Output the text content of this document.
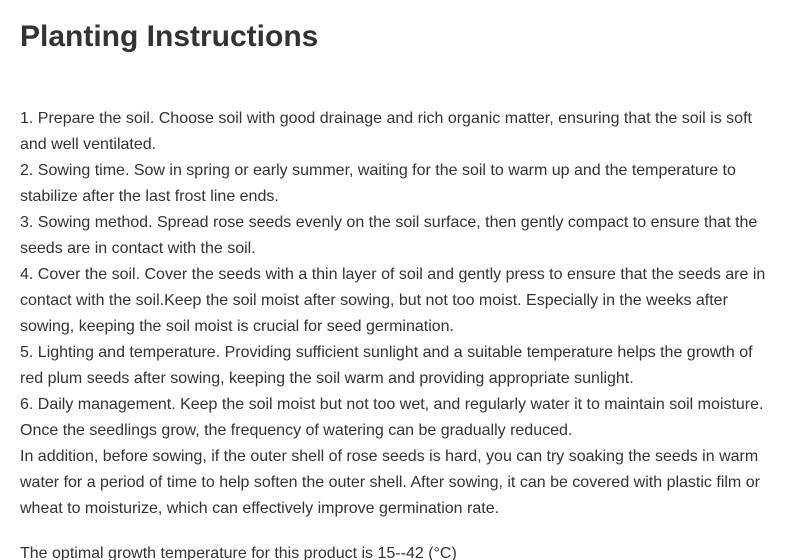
Planting Instructions
1. Prepare the soil. Choose soil with good drainage and rich organic matter, ensuring that the soil is soft and well ventilated.
2. Sowing time. Sow in spring or early summer, waiting for the soil to warm up and the temperature to stabilize after the last frost line ends.
3. Sowing method. Spread rose seeds evenly on the soil surface, then gently compact to ensure that the seeds are in contact with the soil.
4. Cover the soil. Cover the seeds with a thin layer of soil and gently press to ensure that the seeds are in contact with the soil.Keep the soil moist after sowing, but not too moist. Especially in the weeks after sowing, keeping the soil moist is crucial for seed germination.
5. Lighting and temperature. Providing sufficient sunlight and a suitable temperature helps the growth of red plum seeds after sowing, keeping the soil warm and providing appropriate sunlight.
6. Daily management. Keep the soil moist but not too wet, and regularly water it to maintain soil moisture. Once the seedlings grow, the frequency of watering can be gradually reduced.
In addition, before sowing, if the outer shell of rose seeds is hard, you can try soaking the seeds in warm water for a period of time to help soften the outer shell. After sowing, it can be covered with plastic film or wheat to moisturize, which can effectively improve germination rate.
The optimal growth temperature for this product is 15--42 (°C)
